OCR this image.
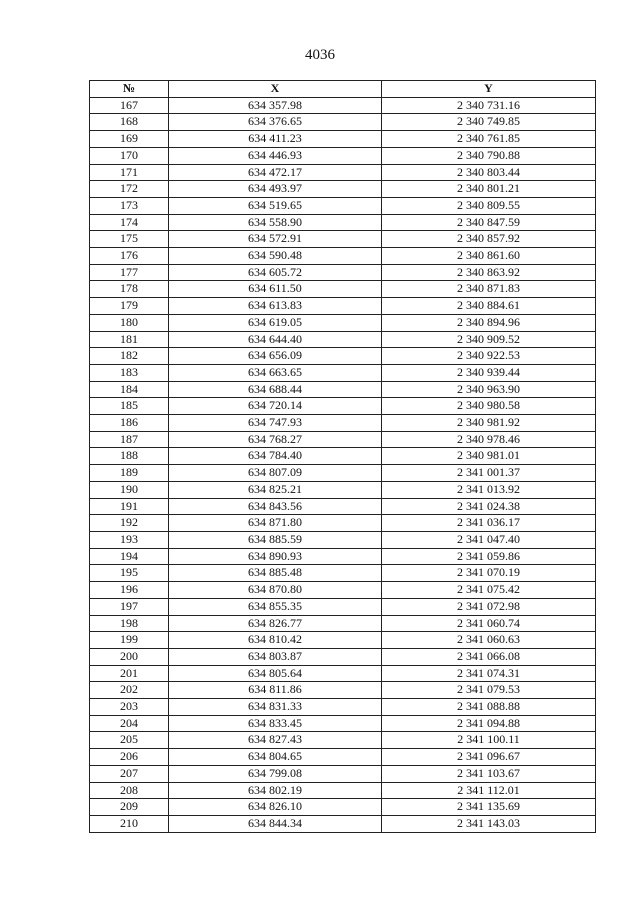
4036
№	X	Y
167	634 357.98	2 340 731.16
168	634 376.65	2 340 749.85
169	634 411.23	2 340 761.85
170	634 446.93	2 340 790.88
171	634 472.17	2 340 803.44
172	634 493.97	2 340 801.21
173	634 519.65	2 340 809.55
174	634 558.90	2 340 847.59
175	634 572.91	2 340 857.92
176	634 590.48	2 340 861.60
177	634 605.72	2 340 863.92
178	634 611.50	2 340 871.83
179	634 613.83	2 340 884.61
180	634 619.05	2 340 894.96
181	634 644.40	2 340 909.52
182	634 656.09	2 340 922.53
183	634 663.65	2 340 939.44
184	634 688.44	2 340 963.90
185	634 720.14	2 340 980.58
186	634 747.93	2 340 981.92
187	634 768.27	2 340 978.46
188	634 784.40	2 340 981.01
189	634 807.09	2 341 001.37
190	634 825.21	2 341 013.92
191	634 843.56	2 341 024.38
192	634 871.80	2 341 036.17
193	634 885.59	2 341 047.40
194	634 890.93	2 341 059.86
195	634 885.48	2 341 070.19
196	634 870.80	2 341 075.42
197	634 855.35	2 341 072.98
198	634 826.77	2 341 060.74
199	634 810.42	2 341 060.63
200	634 803.87	2 341 066.08
201	634 805.64	2 341 074.31
202	634 811.86	2 341 079.53
203	634 831.33	2 341 088.88
204	634 833.45	2 341 094.88
205	634 827.43	2 341 100.11
206	634 804.65	2 341 096.67
207	634 799.08	2 341 103.67
208	634 802.19	2 341 112.01
209	634 826.10	2 341 135.69
210	634 844.34	2 341 143.03
